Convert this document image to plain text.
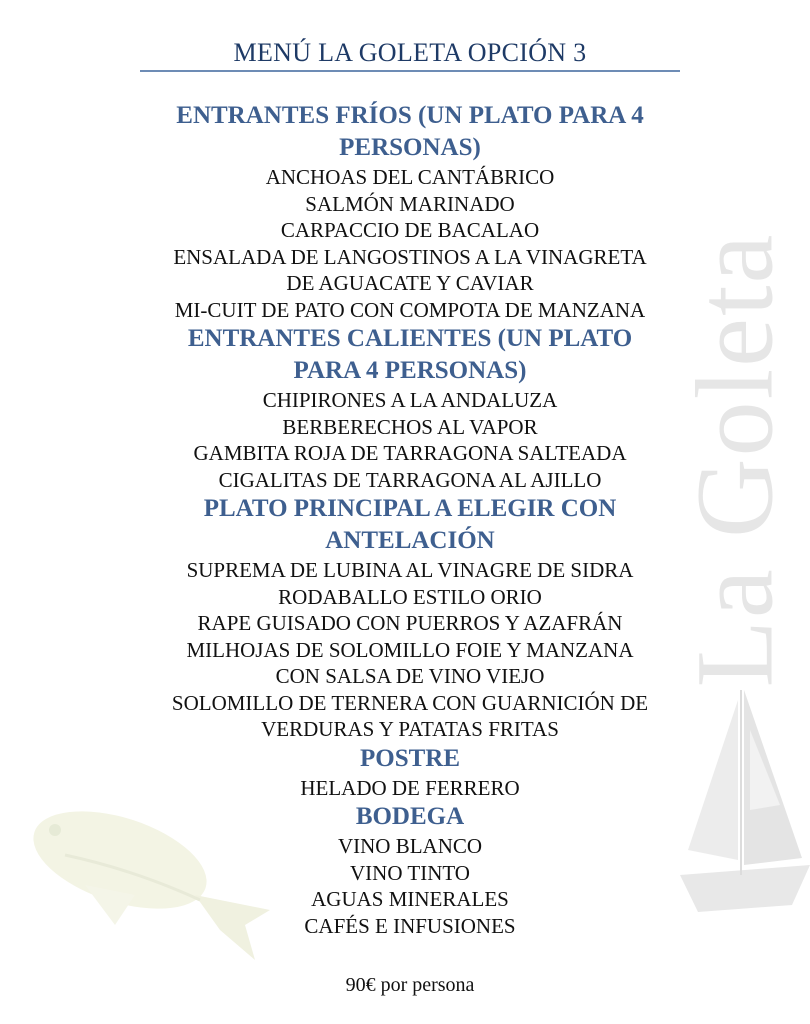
La Goleta
MENÚ LA GOLETA OPCIÓN 3

ENTRANTES FRÍOS (UN PLATO PARA 4

PERSONAS)

ANCHOAS DEL CANTÁBRICO

SALMÓN MARINADO

CARPACCIO DE BACALAO

ENSALADA DE LANGOSTINOS A LA VINAGRETA

DE AGUACATE Y CAVIAR

MI-CUIT DE PATO CON COMPOTA DE MANZANA

ENTRANTES CALIENTES (UN PLATO

PARA 4 PERSONAS)

CHIPIRONES A LA ANDALUZA

BERBERECHOS AL VAPOR

GAMBITA ROJA DE TARRAGONA SALTEADA

CIGALITAS DE TARRAGONA AL AJILLO

PLATO PRINCIPAL A ELEGIR CON

ANTELACIÓN

SUPREMA DE LUBINA AL VINAGRE DE SIDRA

RODABALLO ESTILO ORIO

RAPE GUISADO CON PUERROS Y AZAFRÁN

MILHOJAS DE SOLOMILLO FOIE Y MANZANA

CON SALSA DE VINO VIEJO

SOLOMILLO DE TERNERA CON GUARNICIÓN DE

VERDURAS Y PATATAS FRITAS

POSTRE

HELADO DE FERRERO

BODEGA

VINO BLANCO

VINO TINTO

AGUAS MINERALES

CAFÉS E INFUSIONES

90€ por persona
